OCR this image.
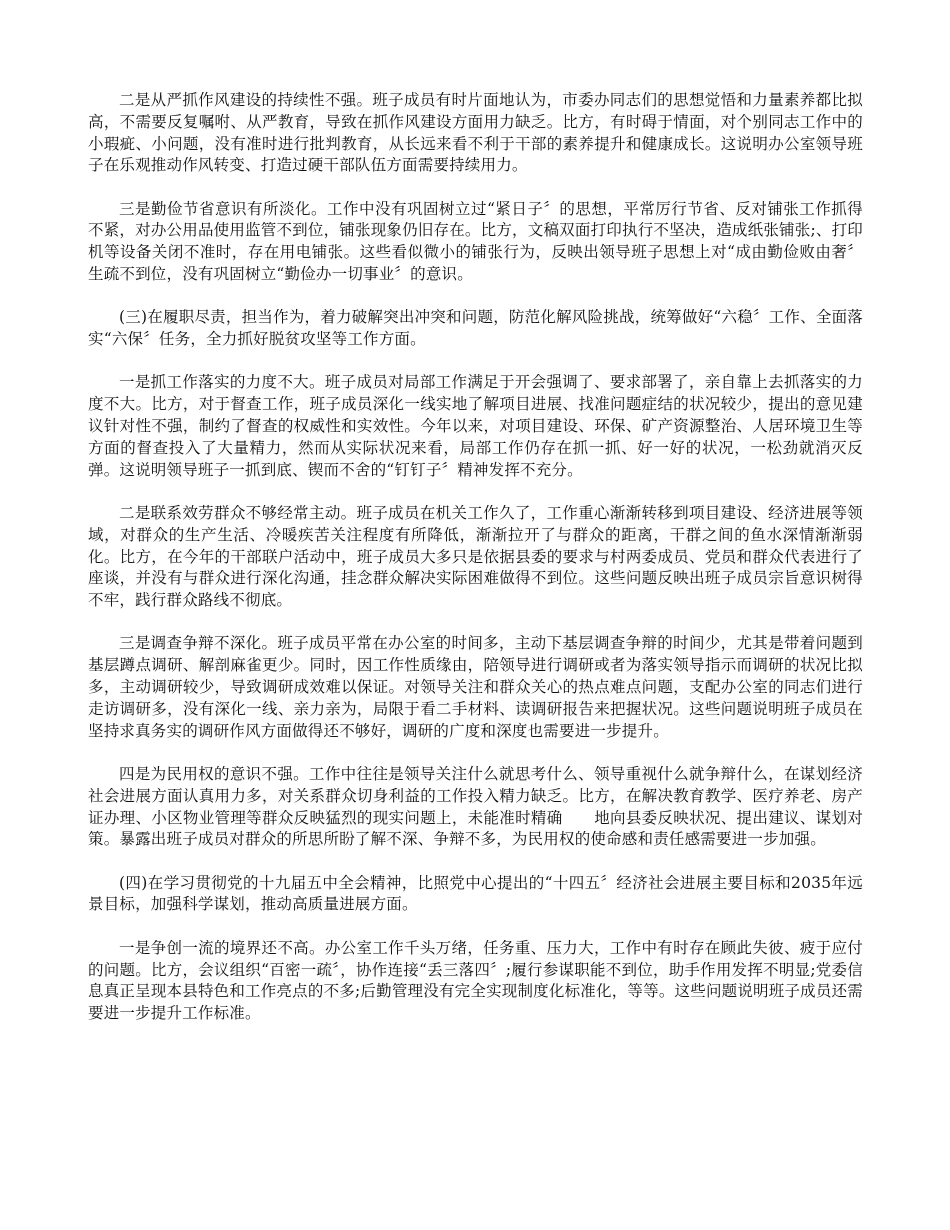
二是从严抓作风建设的持续性不强。班子成员有时片面地认为，市委办同志们的思想觉悟和力量素养都比拟高，不需要反复嘱咐、从严教育，导致在抓作风建设方面用力缺乏。比方，有时碍于情面，对个别同志工作中的小瑕疵、小问题，没有准时进行批判教育，从长远来看不利于干部的素养提升和健康成长。这说明办公室领导班子在乐观推动作风转变、打造过硬干部队伍方面需要持续用力。

三是勤俭节省意识有所淡化。工作中没有巩固树立过“紧日子〞的思想，平常厉行节省、反对铺张工作抓得不紧，对办公用品使用监管不到位，铺张现象仍旧存在。比方，文稿双面打印执行不坚决，造成纸张铺张;、打印机等设备关闭不准时，存在用电铺张。这些看似微小的铺张行为，反映出领导班子思想上对“成由勤俭败由奢〞生疏不到位，没有巩固树立“勤俭办一切事业〞的意识。

(三)在履职尽责，担当作为，着力破解突出冲突和问题，防范化解风险挑战，统筹做好“六稳〞工作、全面落实“六保〞任务，全力抓好脱贫攻坚等工作方面。

一是抓工作落实的力度不大。班子成员对局部工作满足于开会强调了、要求部署了，亲自靠上去抓落实的力度不大。比方，对于督查工作，班子成员深化一线实地了解项目进展、找准问题症结的状况较少，提出的意见建议针对性不强，制约了督查的权威性和实效性。今年以来，对项目建设、环保、矿产资源整治、人居环境卫生等方面的督查投入了大量精力，然而从实际状况来看，局部工作仍存在抓一抓、好一好的状况，一松劲就消灭反弹。这说明领导班子一抓到底、锲而不舍的“钉钉子〞精神发挥不充分。

二是联系效劳群众不够经常主动。班子成员在机关工作久了，工作重心渐渐转移到项目建设、经济进展等领域，对群众的生产生活、冷暖疾苦关注程度有所降低，渐渐拉开了与群众的距离，干群之间的鱼水深情渐渐弱化。比方，在今年的干部联户活动中，班子成员大多只是依据县委的要求与村两委成员、党员和群众代表进行了座谈，并没有与群众进行深化沟通，挂念群众解决实际困难做得不到位。这些问题反映出班子成员宗旨意识树得不牢，践行群众路线不彻底。

三是调查争辩不深化。班子成员平常在办公室的时间多，主动下基层调查争辩的时间少，尤其是带着问题到基层蹲点调研、解剖麻雀更少。同时，因工作性质缘由，陪领导进行调研或者为落实领导指示而调研的状况比拟多，主动调研较少，导致调研成效难以保证。对领导关注和群众关心的热点难点问题，支配办公室的同志们进行走访调研多，没有深化一线、亲力亲为，局限于看二手材料、读调研报告来把握状况。这些问题说明班子成员在坚持求真务实的调研作风方面做得还不够好，调研的广度和深度也需要进一步提升。

四是为民用权的意识不强。工作中往往是领导关注什么就思考什么、领导重视什么就争辩什么，在谋划经济社会进展方面认真用力多，对关系群众切身利益的工作投入精力缺乏。比方，在解决教育教学、医疗养老、房产证办理、小区物业管理等群众反映猛烈的现实问题上，未能准时精确　　地向县委反映状况、提出建议、谋划对策。暴露出班子成员对群众的所思所盼了解不深、争辩不多，为民用权的使命感和责任感需要进一步加强。

(四)在学习贯彻党的十九届五中全会精神，比照党中心提出的“十四五〞经济社会进展主要目标和2035年远景目标，加强科学谋划，推动高质量进展方面。

一是争创一流的境界还不高。办公室工作千头万绪，任务重、压力大，工作中有时存在顾此失彼、疲于应付的问题。比方，会议组织“百密一疏〞，协作连接“丢三落四〞;履行参谋职能不到位，助手作用发挥不明显;党委信息真正呈现本县特色和工作亮点的不多;后勤管理没有完全实现制度化标准化，等等。这些问题说明班子成员还需要进一步提升工作标准。
